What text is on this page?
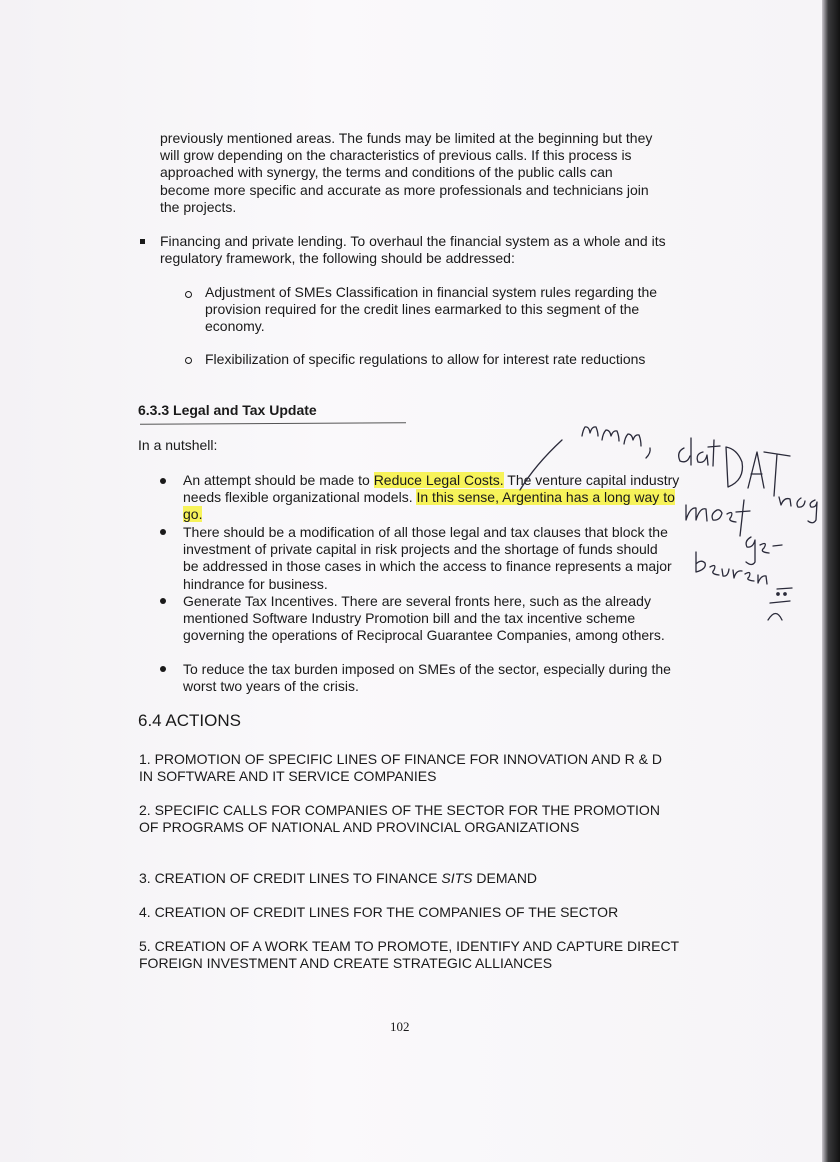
previously mentioned areas. The funds may be limited at the beginning but they will grow depending on the characteristics of previous calls. If this process is approached with synergy, the terms and conditions of the public calls can become more specific and accurate as more professionals and technicians join the projects.

Financing and private lending. To overhaul the financial system as a whole and its regulatory framework, the following should be addressed:

Adjustment of SMEs Classification in financial system rules regarding the provision required for the credit lines earmarked to this segment of the economy.

Flexibilization of specific regulations to allow for interest rate reductions

6.3.3 Legal and Tax Update

In a nutshell:

An attempt should be made to Reduce Legal Costs. The venture capital industry needs flexible organizational models. In this sense, Argentina has a long way to go.

There should be a modification of all those legal and tax clauses that block the investment of private capital in risk projects and the shortage of funds should be addressed in those cases in which the access to finance represents a major hindrance for business.

Generate Tax Incentives. There are several fronts here, such as the already mentioned Software Industry Promotion bill and the tax incentive scheme governing the operations of Reciprocal Guarantee Companies, among others.

To reduce the tax burden imposed on SMEs of the sector, especially during the worst two years of the crisis.

6.4 ACTIONS

1. PROMOTION OF SPECIFIC LINES OF FINANCE FOR INNOVATION AND R & D IN SOFTWARE AND IT SERVICE COMPANIES

2. SPECIFIC CALLS FOR COMPANIES OF THE SECTOR FOR THE PROMOTION OF PROGRAMS OF NATIONAL AND PROVINCIAL ORGANIZATIONS

3. CREATION OF CREDIT LINES TO FINANCE SITS DEMAND

4. CREATION OF CREDIT LINES FOR THE COMPANIES OF THE SECTOR

5. CREATION OF A WORK TEAM TO PROMOTE, IDENTIFY AND CAPTURE DIRECT FOREIGN INVESTMENT AND CREATE STRATEGIC ALLIANCES

102
